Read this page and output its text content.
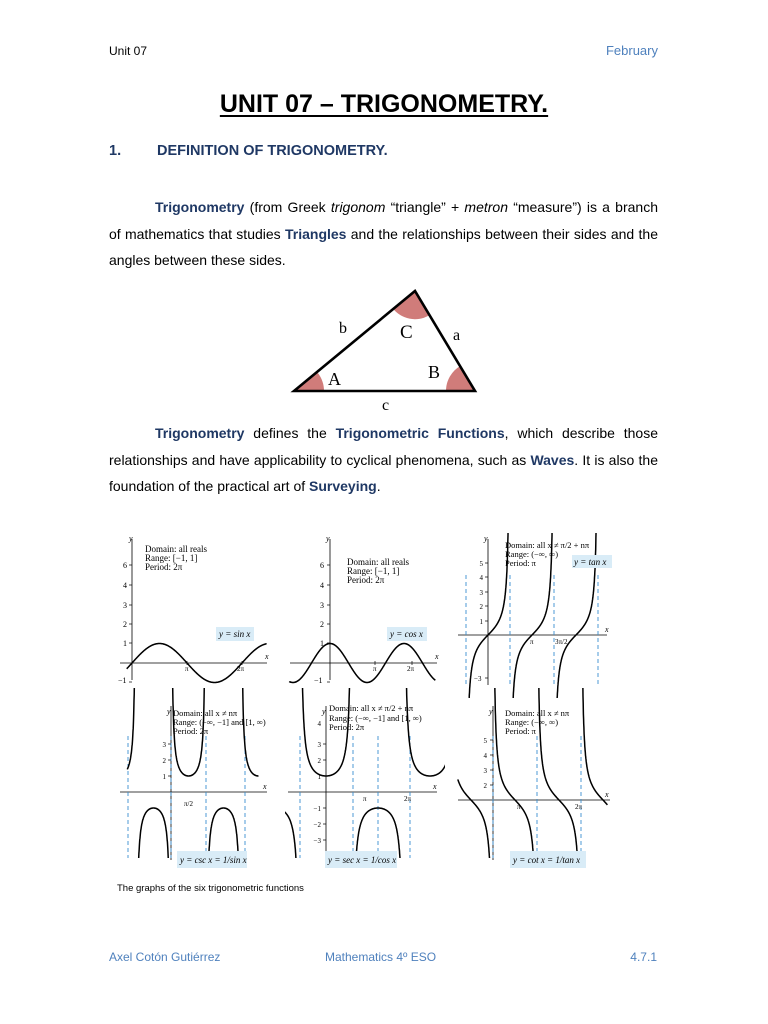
Unit 07	February
UNIT 07 – TRIGONOMETRY.
1. DEFINITION OF TRIGONOMETRY.

Trigonometry (from Greek trigonom “triangle” + metron “measure”) is a branch of mathematics that studies Triangles and the relationships between their sides and the angles between these sides.

b	a
c
C
A	B

Trigonometry defines the Trigonometric Functions, which describe those relationships and have applicability to cyclical phenomena, such as Waves. It is also the foundation of the practical art of Surveying.

6
4
3
2
1
−1
y
x
π	2π
Domain: all reals
Range: [−1, 1]
Period: 2π
y = sin x
6
4
3
2
1
−1
y
x
π	2π
Domain: all reals
Range: [−1, 1]
Period: 2π
y = cos x
5
4
3
2
1
−3
y
x
π	3π/2
Domain: all x ≠ π/2 + nπ
Range: (−∞, ∞)
Period: π	y = tan x
3
2
1
y
x
π/2
Domain: all x ≠ nπ
Range: (−∞, −1] and [1, ∞)
Period: 2π
y = csc x = 1/sin x
4
3
2
1
−1
−2
−3
y
x
π	2π
Domain: all x ≠ π/2 + nπ
Range: (−∞, −1] and [1, ∞)
Period: 2π
y = sec x = 1/cos x
5
4
3
2
y
x
π	2π
Domain: all x ≠ nπ
Range: (−∞, ∞)
Period: π
y = cot x = 1/tan x
The graphs of the six trigonometric functions
Axel Cotón Gutiérrez	Mathematics 4º ESO	4.7.1
